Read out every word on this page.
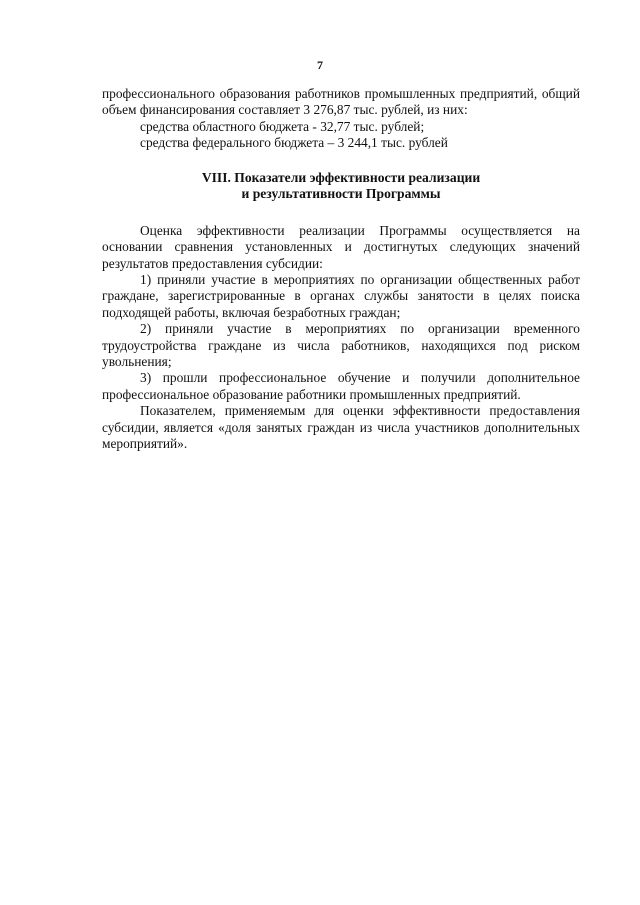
7

профессионального образования работников промышленных предприятий, общий объем финансирования составляет 3 276,87 тыс. рублей, из них:

средства областного бюджета - 32,77 тыс. рублей;

средства федерального бюджета – 3 244,1 тыс. рублей

VIII. Показатели эффективности реализации
и результативности Программы

Оценка эффективности реализации Программы осуществляется на основании сравнения установленных и достигнутых следующих значений результатов предоставления субсидии:

1) приняли участие в мероприятиях по организации общественных работ граждане, зарегистрированные в органах службы занятости в целях поиска подходящей работы, включая безработных граждан;

2) приняли участие в мероприятиях по организации временного трудоустройства граждане из числа работников, находящихся под риском увольнения;

3) прошли профессиональное обучение и получили дополнительное профессиональное образование работники промышленных предприятий.

Показателем, применяемым для оценки эффективности предоставления субсидии, является «доля занятых граждан из числа участников дополнительных мероприятий».
